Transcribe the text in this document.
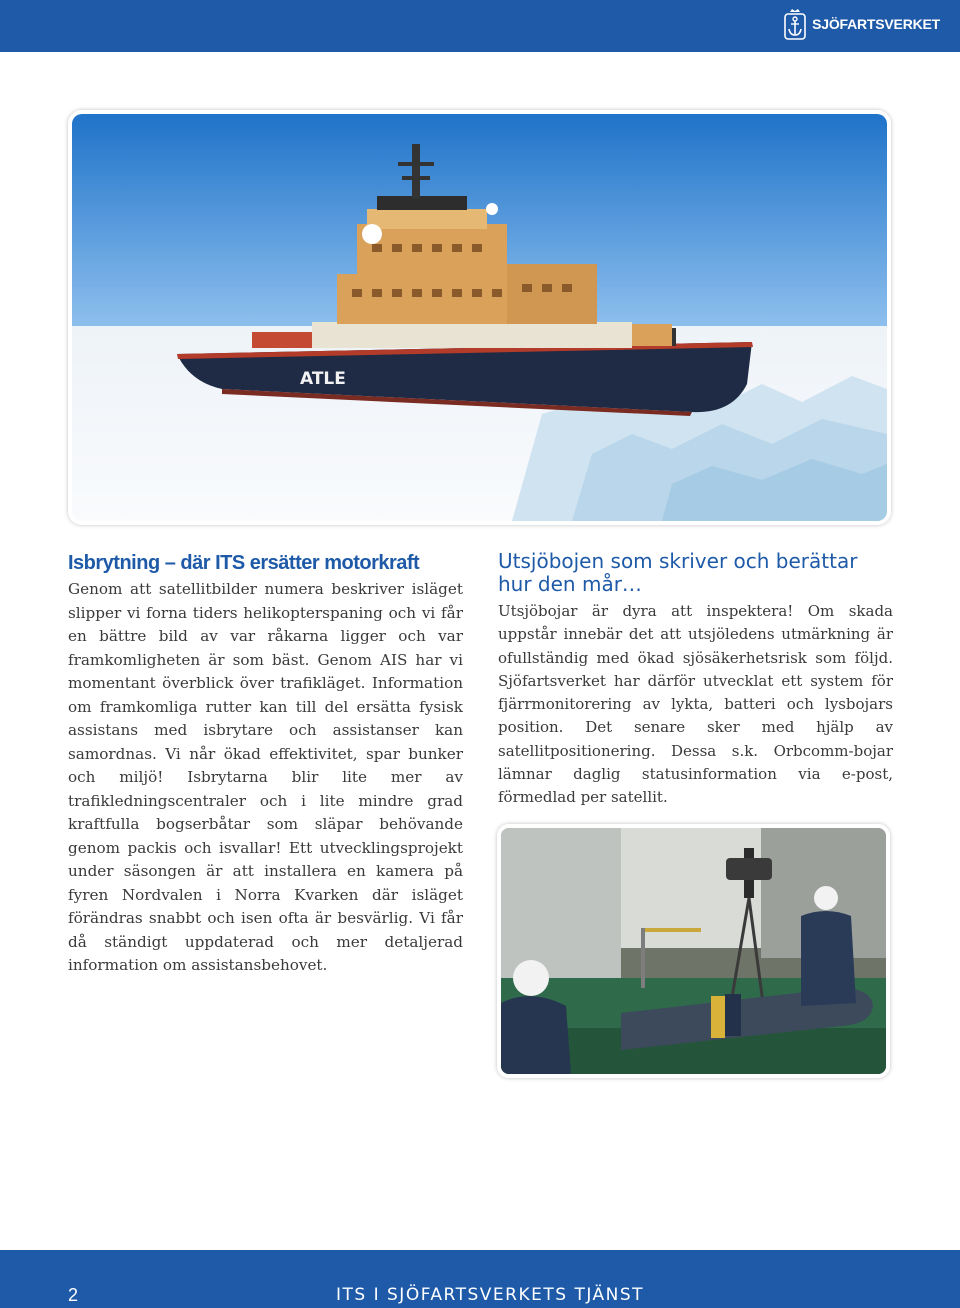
SJÖFARTSVERKET
ATLE
Isbrytning – där ITS ersätter motorkraft

Genom att satellitbilder numera beskriver isläget slipper vi forna tiders helikopterspaning och vi får en bättre bild av var råkarna ligger och var framkomligheten är som bäst. Genom AIS har vi momentant överblick över trafikläget. Information om framkomliga rutter kan till del ersätta fysisk assistans med isbrytare och assistanser kan samordnas. Vi når ökad effektivitet, spar bunker och miljö! Isbrytarna blir lite mer av trafikledningscentraler och i lite mindre grad kraftfulla bogserbåtar som släpar behövande genom packis och isvallar! Ett utvecklingsprojekt under säsongen är att installera en kamera på fyren Nordvalen i Norra Kvarken där isläget förändras snabbt och isen ofta är besvärlig. Vi får då ständigt uppdaterad och mer detaljerad information om assistansbehovet.

Utsjöbojen som skriver och berättar hur den mår…

Utsjöbojar är dyra att inspektera! Om skada uppstår innebär det att utsjöledens utmärkning är ofullständig med ökad sjösäkerhetsrisk som följd. Sjöfartsverket har därför utvecklat ett system för fjärrmonitorering av lykta, batteri och lysbojars position. Det senare sker med hjälp av satellitpositionering. Dessa s.k. Orbcomm-bojar lämnar daglig statusinformation via e-post, förmedlad per satellit.

2	ITS I SJÖFARTSVERKETS TJÄNST
